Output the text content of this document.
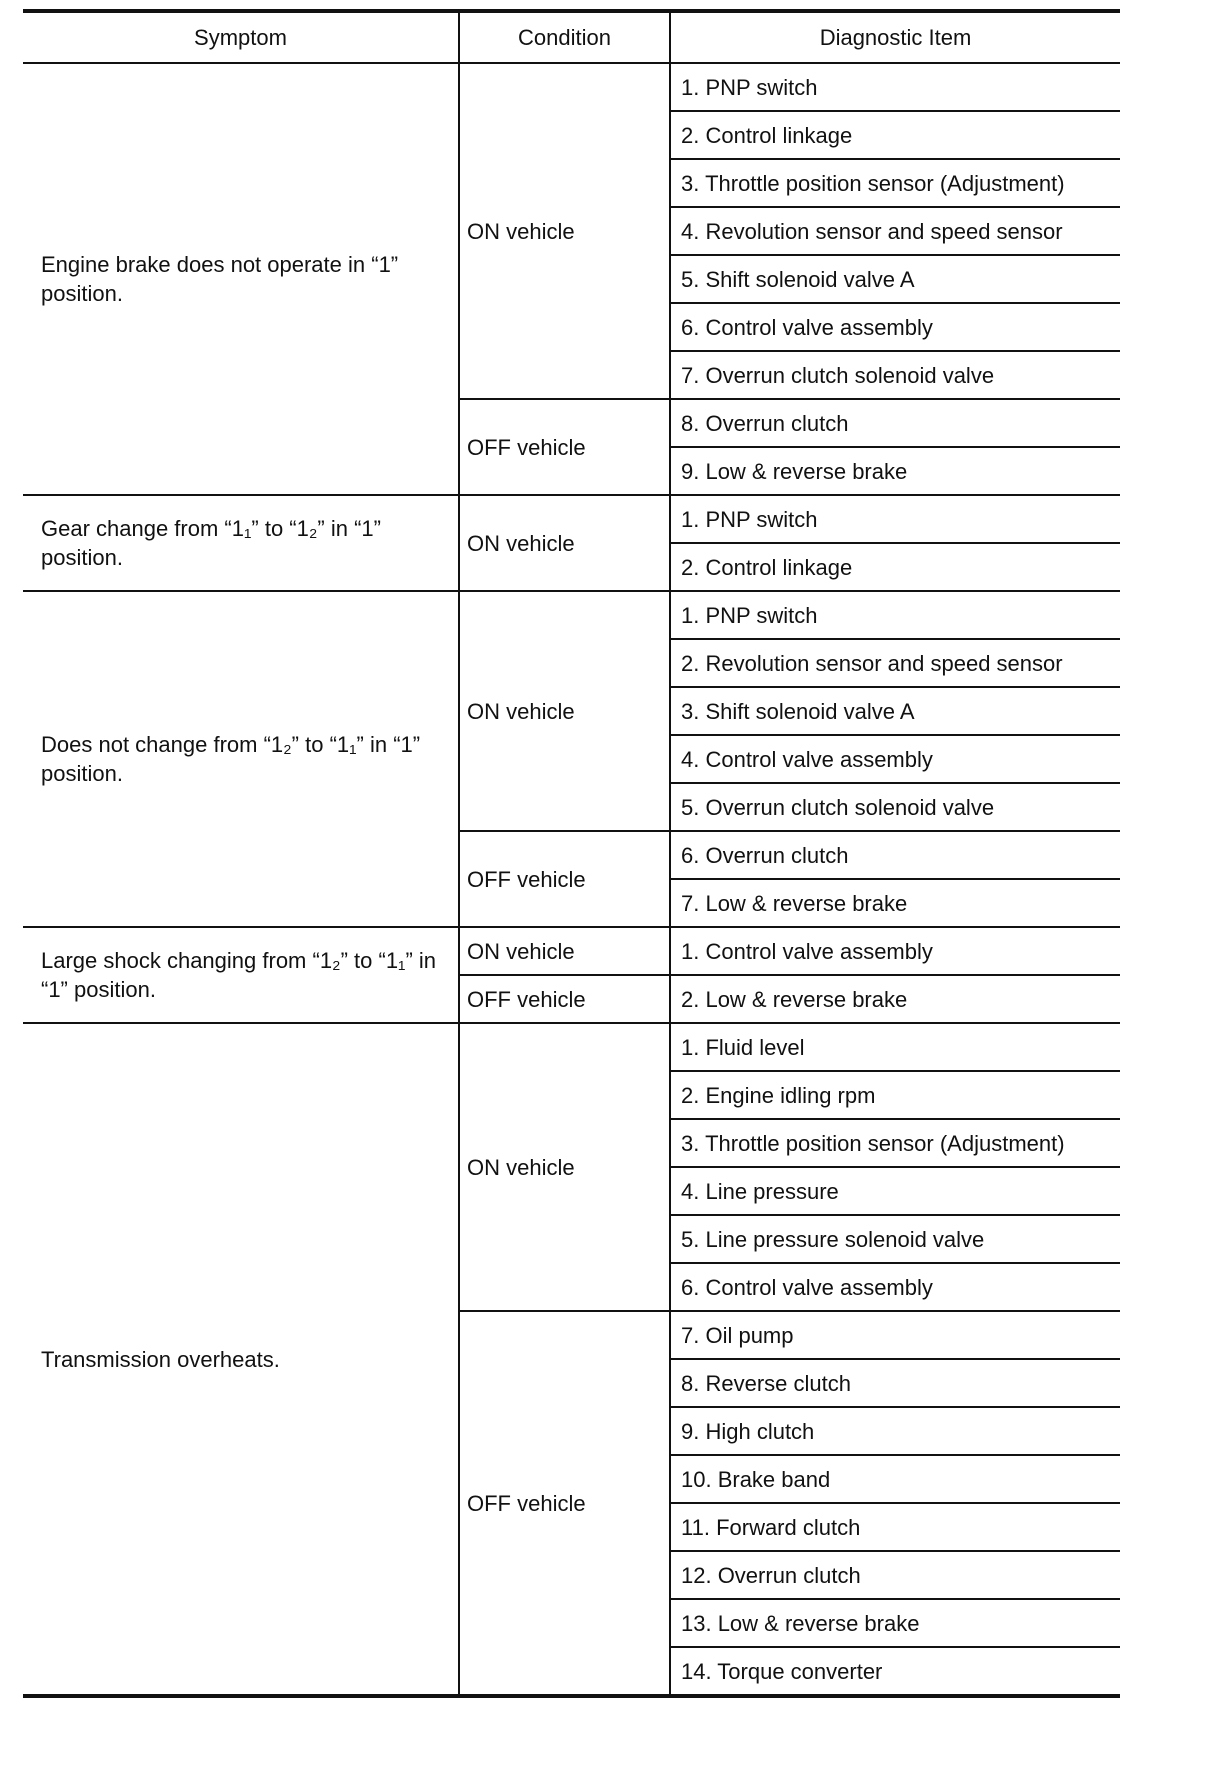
Symptom	Condition	Diagnostic Item
Engine brake does not operate in “1” position.	ON vehicle	1. PNP switch
		2. Control linkage
		3. Throttle position sensor (Adjustment)
		4. Revolution sensor and speed sensor
		5. Shift solenoid valve A
		6. Control valve assembly
		7. Overrun clutch solenoid valve
	OFF vehicle	8. Overrun clutch
		9. Low & reverse brake
Gear change from “1₁” to “1₂” in “1” position.	ON vehicle	1. PNP switch
		2. Control linkage
Does not change from “1₂” to “1₁” in “1” position.	ON vehicle	1. PNP switch
		2. Revolution sensor and speed sensor
		3. Shift solenoid valve A
		4. Control valve assembly
		5. Overrun clutch solenoid valve
	OFF vehicle	6. Overrun clutch
		7. Low & reverse brake
Large shock changing from “1₂” to “1₁” in “1” position.	ON vehicle	1. Control valve assembly
	OFF vehicle	2. Low & reverse brake
Transmission overheats.	ON vehicle	1. Fluid level
		2. Engine idling rpm
		3. Throttle position sensor (Adjustment)
		4. Line pressure
		5. Line pressure solenoid valve
		6. Control valve assembly
	OFF vehicle	7. Oil pump
		8. Reverse clutch
		9. High clutch
		10. Brake band
		11. Forward clutch
		12. Overrun clutch
		13. Low & reverse brake
		14. Torque converter
